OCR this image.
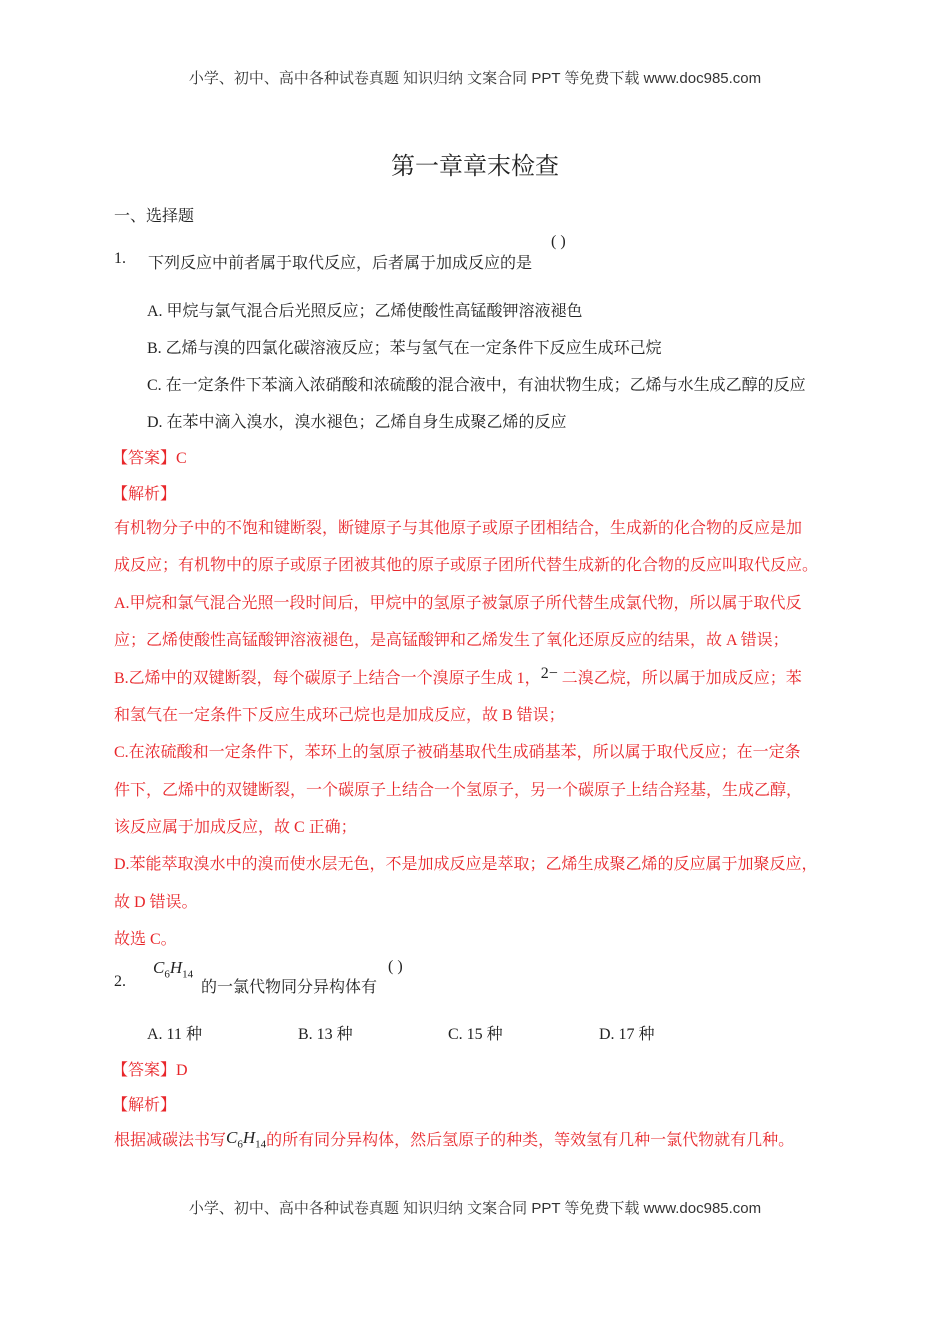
小学、初中、高中各种试卷真题 知识归纳 文案合同 PPT 等免费下载 www.doc985.com
第一章章末检查
一、选择题
1. 下列反应中前者属于取代反应，后者属于加成反应的是
( )
A. 甲烷与氯气混合后光照反应；乙烯使酸性高锰酸钾溶液褪色
B. 乙烯与溴的四氯化碳溶液反应；苯与氢气在一定条件下反应生成环己烷
C. 在一定条件下苯滴入浓硝酸和浓硫酸的混合液中，有油状物生成；乙烯与水生成乙醇的反应
D. 在苯中滴入溴水，溴水褪色；乙烯自身生成聚乙烯的反应
【答案】C
【解析】
有机物分子中的不饱和键断裂，断键原子与其他原子或原子团相结合，生成新的化合物的反应是加
成反应；有机物中的原子或原子团被其他的原子或原子团所代替生成新的化合物的反应叫取代反应。
A.甲烷和氯气混合光照一段时间后，甲烷中的氢原子被氯原子所代替生成氯代物，所以属于取代反
应；乙烯使酸性高锰酸钾溶液褪色，是高锰酸钾和乙烯发生了氧化还原反应的结果，故 A 错误；
B.乙烯中的双键断裂，每个碳原子上结合一个溴原子生成 1，2− 二溴乙烷，所以属于加成反应；苯
和氢气在一定条件下反应生成环己烷也是加成反应，故 B 错误；
C.在浓硫酸和一定条件下，苯环上的氢原子被硝基取代生成硝基苯，所以属于取代反应；在一定条
件下，乙烯中的双键断裂，一个碳原子上结合一个氢原子，另一个碳原子上结合羟基，生成乙醇，
该反应属于加成反应，故 C 正确；
D.苯能萃取溴水中的溴而使水层无色，不是加成反应是萃取；乙烯生成聚乙烯的反应属于加聚反应，
故 D 错误。
故选 C。
2.
$C_6H_{14}$
的一氯代物同分异构体有
( )
A. 11 种	B. 13 种	C. 15 种	D. 17 种
【答案】D
【解析】
根据减碳法书写$C_6H_{14}$的所有同分异构体，然后氢原子的种类，等效氢有几种一氯代物就有几种。
小学、初中、高中各种试卷真题 知识归纳 文案合同 PPT 等免费下载 www.doc985.com
